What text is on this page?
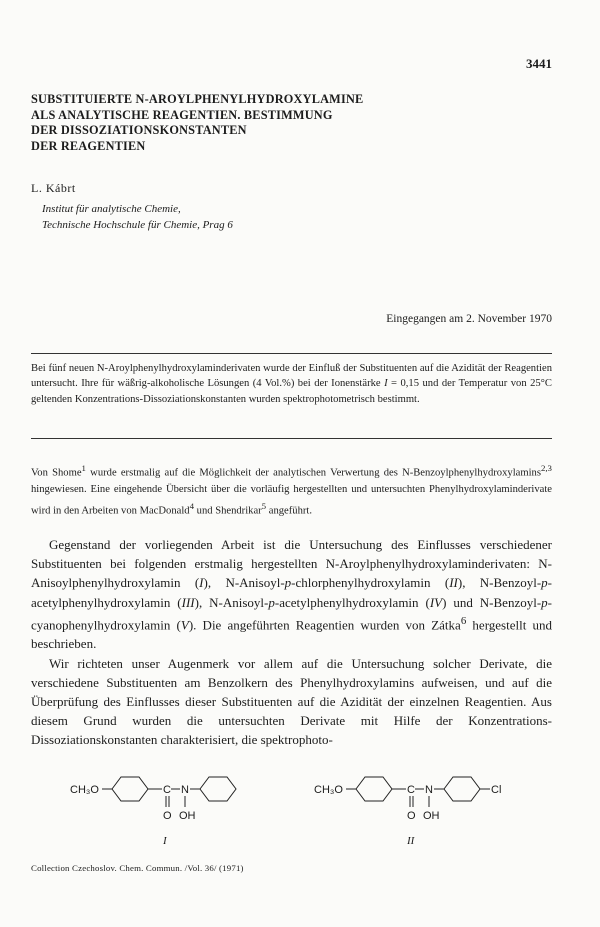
3441
SUBSTITUIERTE N-AROYLPHENYLHYDROXYLAMINE
ALS ANALYTISCHE REAGENTIEN. BESTIMMUNG
DER DISSOZIATIONSKONSTANTEN
DER REAGENTIEN
L. Kábrt
Institut für analytische Chemie,
Technische Hochschule für Chemie, Prag 6
Eingegangen am 2. November 1970
Bei fünf neuen N-Aroylphenylhydroxylaminderivaten wurde der Einfluß der Substituenten auf die Azidität der Reagentien untersucht. Ihre für wäßrig-alkoholische Lösungen (4 Vol.%) bei der Ionenstärke I = 0,15 und der Temperatur von 25°C geltenden Konzentrations-Dissoziationskonstanten wurden spektrophotometrisch bestimmt.
Von Shome$^1$ wurde erstmalig auf die Möglichkeit der analytischen Verwertung des N-Benzoylphenylhydroxylamins$^{2,3}$ hingewiesen. Eine eingehende Übersicht über die vorläufig hergestellten und untersuchten Phenylhydroxylaminderivate wird in den Arbeiten von MacDonald$^4$ und Shendrikar$^5$ angeführt.

Gegenstand der vorliegenden Arbeit ist die Untersuchung des Einflusses verschiedener Substituenten bei folgenden erstmalig hergestellten N-Aroylphenylhydroxylaminderivaten: N-Anisoylphenylhydroxylamin (I), N-Anisoyl-p-chlorphenylhydroxylamin (II), N-Benzoyl-p-acetylphenylhydroxylamin (III), N-Anisoyl-p-acetylphenylhydroxylamin (IV) und N-Benzoyl-p-cyanophenylhydroxylamin (V). Die angeführten Reagentien wurden von Zátka$^6$ hergestellt und beschrieben.

Wir richteten unser Augenmerk vor allem auf die Untersuchung solcher Derivate, die verschiedene Substituenten am Benzolkern des Phenylhydroxylamins aufweisen, und auf die Überprüfung des Einflusses dieser Substituenten auf die Azidität der einzelnen Reagentien. Aus diesem Grund wurden die untersuchten Derivate mit Hilfe der Konzentrations-Dissoziationskonstanten charakterisiert, die spektrophoto-

CH₃O	C N
O OH
I
CH₃O	C N	Cl
O OH
II
Collection Czechoslov. Chem. Commun. /Vol. 36/ (1971)
